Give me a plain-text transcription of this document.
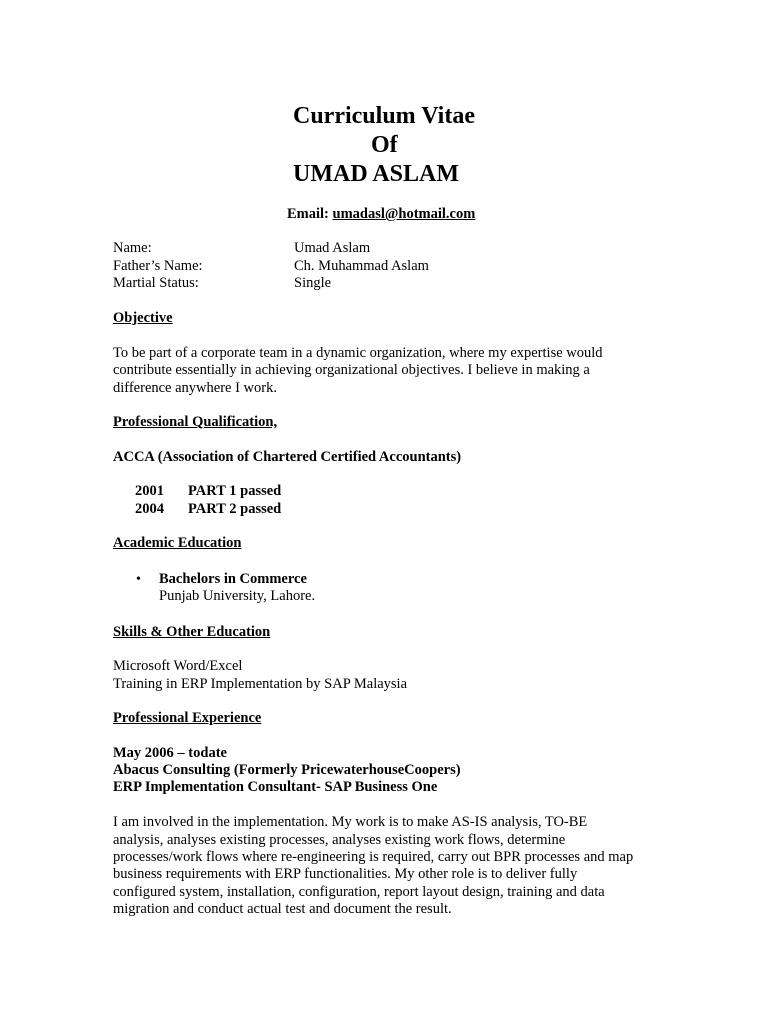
Curriculum Vitae
Of
UMAD ASLAM
Email: umadasl@hotmail.com
Name:	Umad Aslam
Father’s Name:	Ch. Muhammad Aslam
Martial Status:	Single
Objective
To be part of a corporate team in a dynamic organization, where my expertise would
contribute essentially in achieving organizational objectives. I believe in making a
difference anywhere I work.
Professional Qualification,
ACCA (Association of Chartered Certified Accountants)
2001 PART 1 passed
2004 PART 2 passed
Academic Education
• Bachelors in Commerce
Punjab University, Lahore.
Skills & Other Education
Microsoft Word/Excel
Training in ERP Implementation by SAP Malaysia
Professional Experience
May 2006 – todate
Abacus Consulting (Formerly PricewaterhouseCoopers)
ERP Implementation Consultant- SAP Business One
I am involved in the implementation. My work is to make AS-IS analysis, TO-BE
analysis, analyses existing processes, analyses existing work flows, determine
processes/work flows where re-engineering is required, carry out BPR processes and map
business requirements with ERP functionalities. My other role is to deliver fully
configured system, installation, configuration, report layout design, training and data
migration and conduct actual test and document the result.
